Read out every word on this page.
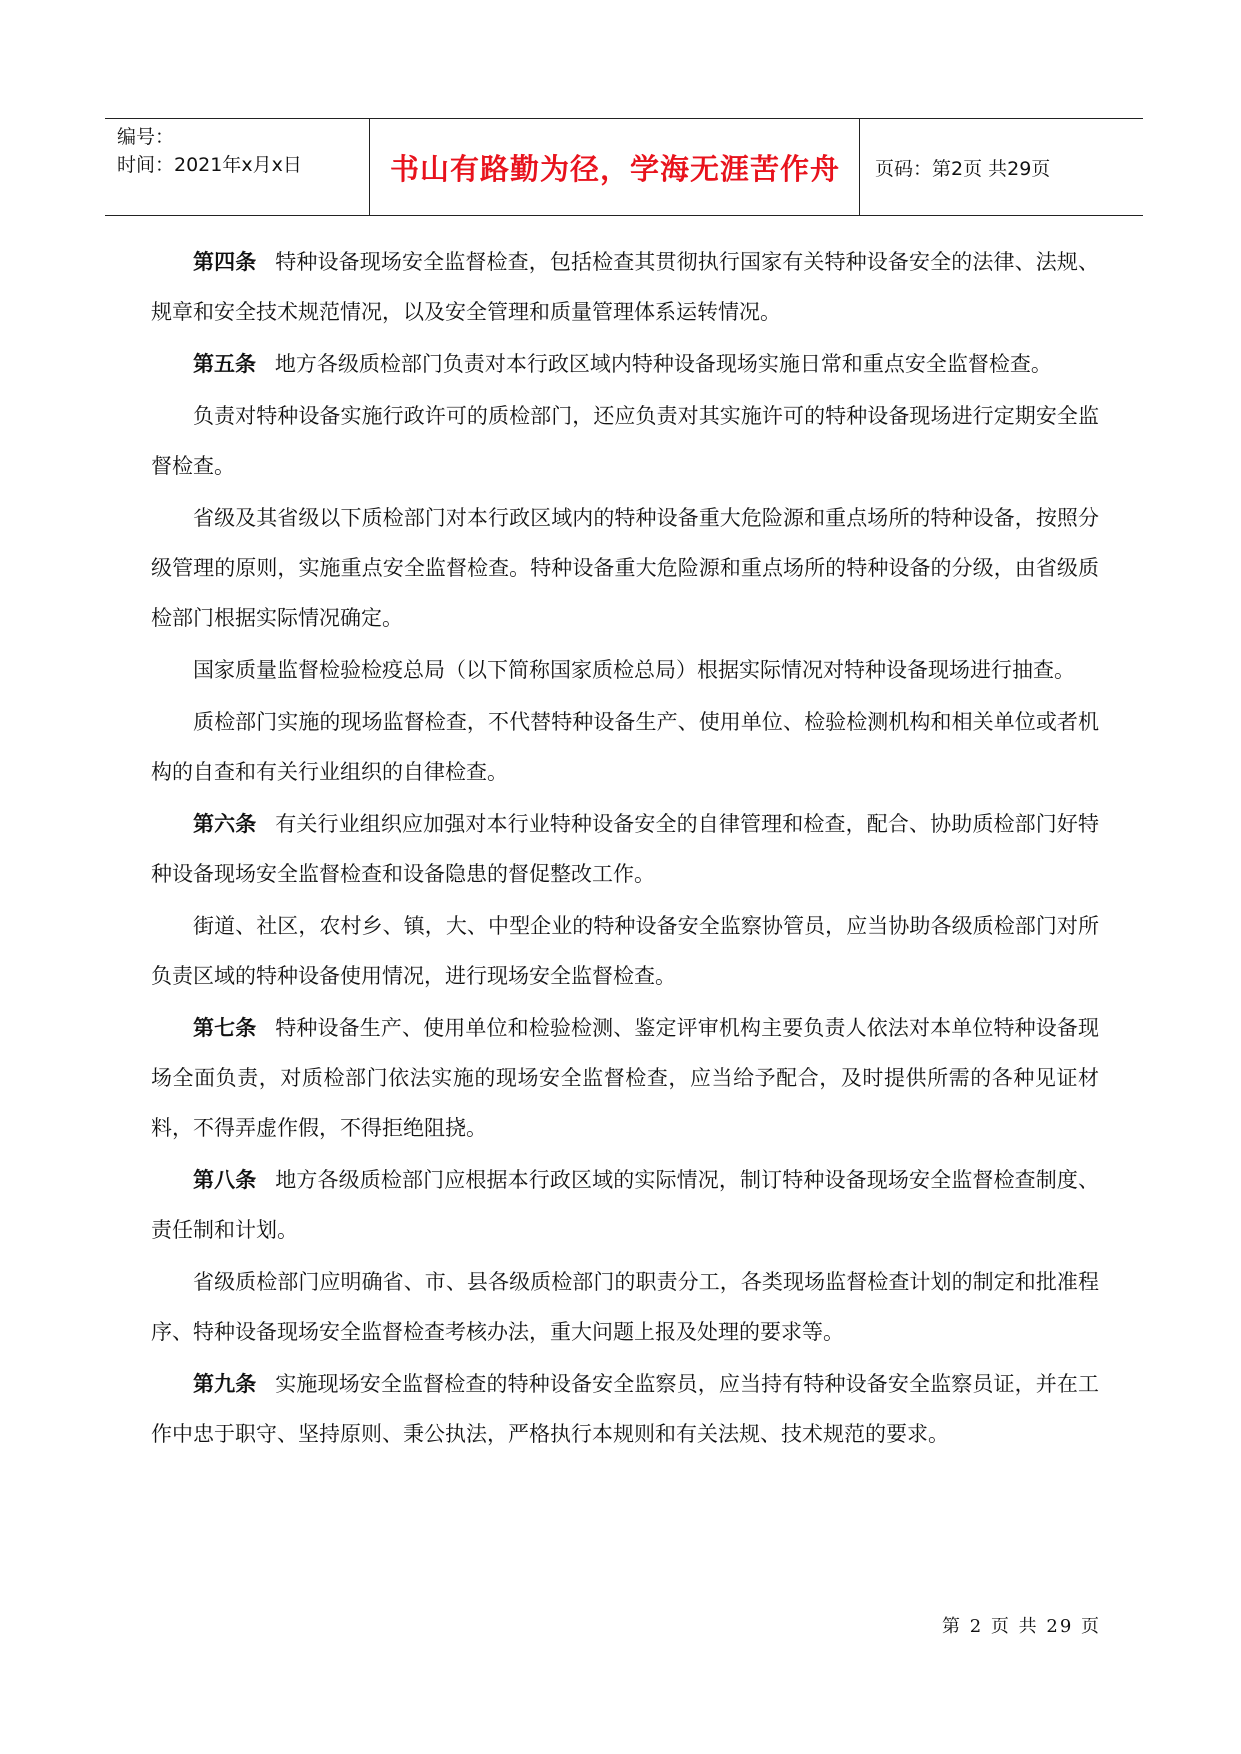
编号：
时间：2021年x月x日	书山有路勤为径，学海无涯苦作舟	页码：第2页 共29页

第四条 特种设备现场安全监督检查，包括检查其贯彻执行国家有关特种设备安全的法律、法规、规章和安全技术规范情况，以及安全管理和质量管理体系运转情况。

第五条 地方各级质检部门负责对本行政区域内特种设备现场实施日常和重点安全监督检查。

负责对特种设备实施行政许可的质检部门，还应负责对其实施许可的特种设备现场进行定期安全监督检查。

省级及其省级以下质检部门对本行政区域内的特种设备重大危险源和重点场所的特种设备，按照分级管理的原则，实施重点安全监督检查。特种设备重大危险源和重点场所的特种设备的分级，由省级质检部门根据实际情况确定。

国家质量监督检验检疫总局（以下简称国家质检总局）根据实际情况对特种设备现场进行抽查。

质检部门实施的现场监督检查，不代替特种设备生产、使用单位、检验检测机构和相关单位或者机构的自查和有关行业组织的自律检查。

第六条 有关行业组织应加强对本行业特种设备安全的自律管理和检查，配合、协助质检部门好特种设备现场安全监督检查和设备隐患的督促整改工作。

街道、社区，农村乡、镇，大、中型企业的特种设备安全监察协管员，应当协助各级质检部门对所负责区域的特种设备使用情况，进行现场安全监督检查。

第七条 特种设备生产、使用单位和检验检测、鉴定评审机构主要负责人依法对本单位特种设备现场全面负责，对质检部门依法实施的现场安全监督检查，应当给予配合，及时提供所需的各种见证材料，不得弄虚作假，不得拒绝阻挠。

第八条 地方各级质检部门应根据本行政区域的实际情况，制订特种设备现场安全监督检查制度、责任制和计划。

省级质检部门应明确省、市、县各级质检部门的职责分工，各类现场监督检查计划的制定和批准程序、特种设备现场安全监督检查考核办法，重大问题上报及处理的要求等。

第九条 实施现场安全监督检查的特种设备安全监察员，应当持有特种设备安全监察员证，并在工作中忠于职守、坚持原则、秉公执法，严格执行本规则和有关法规、技术规范的要求。

第 2 页 共 29 页
